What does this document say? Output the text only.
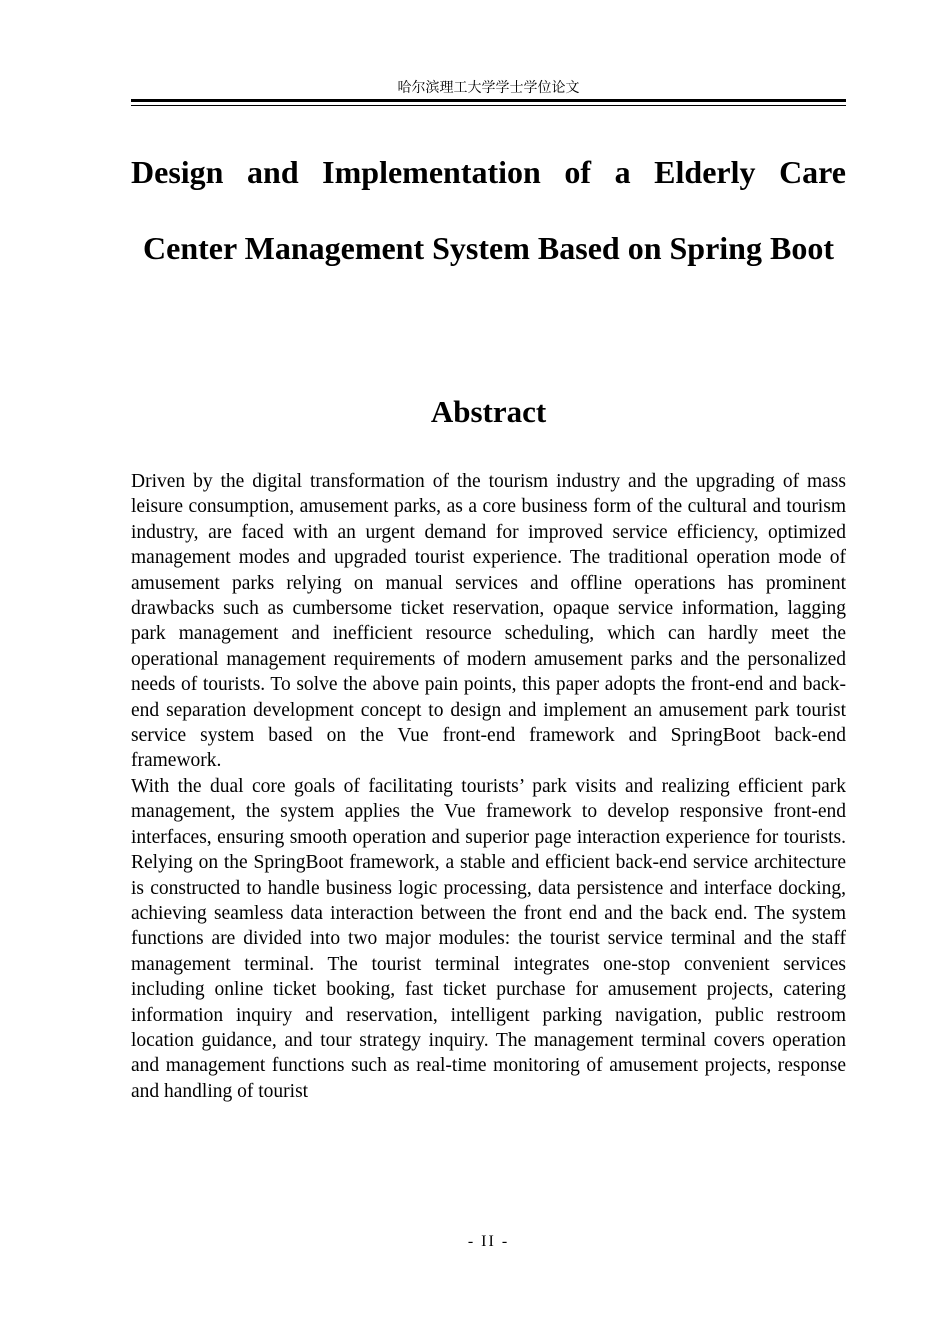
哈尔滨理工大学学士学位论文
Design and Implementation of a Elderly Care Center Management System Based on Spring Boot
Abstract

Driven by the digital transformation of the tourism industry and the upgrading of mass leisure consumption, amusement parks, as a core business form of the cultural and tourism industry, are faced with an urgent demand for improved service efficiency, optimized management modes and upgraded tourist experience. The traditional operation mode of amusement parks relying on manual services and offline operations has prominent drawbacks such as cumbersome ticket reservation, opaque service information, lagging park management and inefficient resource scheduling, which can hardly meet the operational management requirements of modern amusement parks and the personalized needs of tourists. To solve the above pain points, this paper adopts the front-end and back-end separation development concept to design and implement an amusement park tourist service system based on the Vue front-end framework and SpringBoot back-end framework.

With the dual core goals of facilitating tourists’ park visits and realizing efficient park management, the system applies the Vue framework to develop responsive front-end interfaces, ensuring smooth operation and superior page interaction experience for tourists. Relying on the SpringBoot framework, a stable and efficient back-end service architecture is constructed to handle business logic processing, data persistence and interface docking, achieving seamless data interaction between the front end and the back end. The system functions are divided into two major modules: the tourist service terminal and the staff management terminal. The tourist terminal integrates one-stop convenient services including online ticket booking, fast ticket purchase for amusement projects, catering information inquiry and reservation, intelligent parking navigation, public restroom location guidance, and tour strategy inquiry. The management terminal covers operation and management functions such as real-time monitoring of amusement projects, response and handling of tourist

- II -
